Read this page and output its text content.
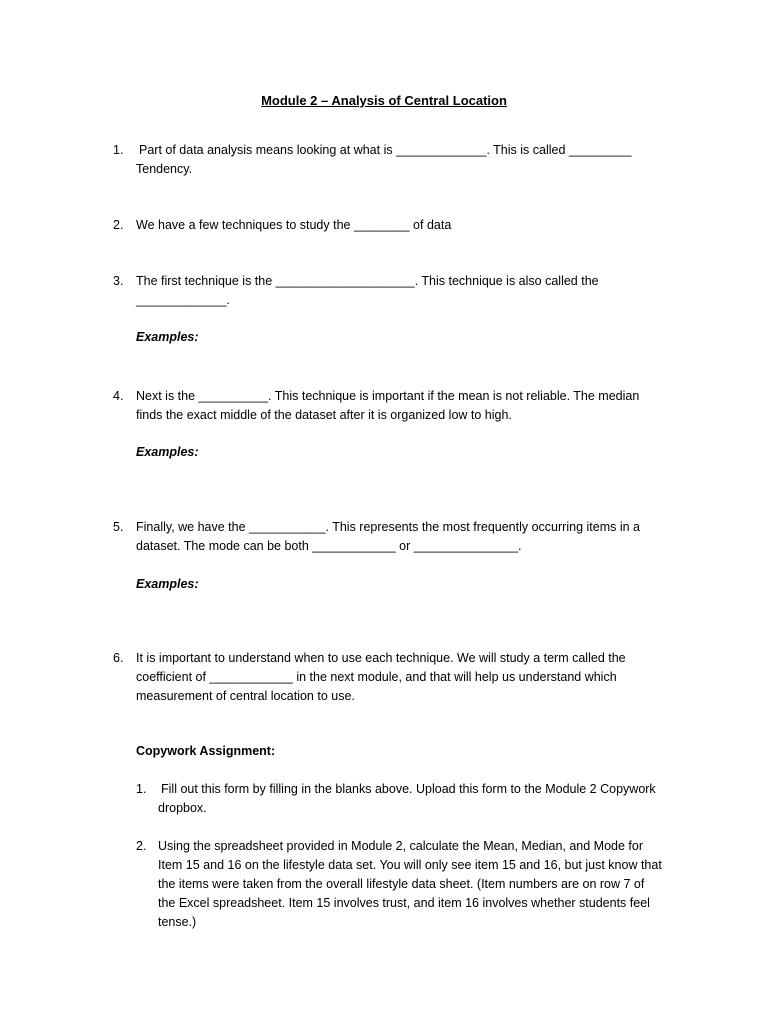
Module 2 – Analysis of Central Location
1. Part of data analysis means looking at what is _____________. This is called _________
Tendency.
2. We have a few techniques to study the ________ of data
3. The first technique is the ____________________. This technique is also called the
_____________.
Examples:
4. Next is the __________. This technique is important if the mean is not reliable. The median
finds the exact middle of the dataset after it is organized low to high.
Examples:
5. Finally, we have the ___________. This represents the most frequently occurring items in a
dataset. The mode can be both ____________ or _______________.
Examples:
6. It is important to understand when to use each technique. We will study a term called the
coefficient of ____________ in the next module, and that will help us understand which
measurement of central location to use.
Copywork Assignment:
1. Fill out this form by filling in the blanks above. Upload this form to the Module 2 Copywork
dropbox.
2. Using the spreadsheet provided in Module 2, calculate the Mean, Median, and Mode for
Item 15 and 16 on the lifestyle data set. You will only see item 15 and 16, but just know that
the items were taken from the overall lifestyle data sheet. (Item numbers are on row 7 of
the Excel spreadsheet. Item 15 involves trust, and item 16 involves whether students feel
tense.)
